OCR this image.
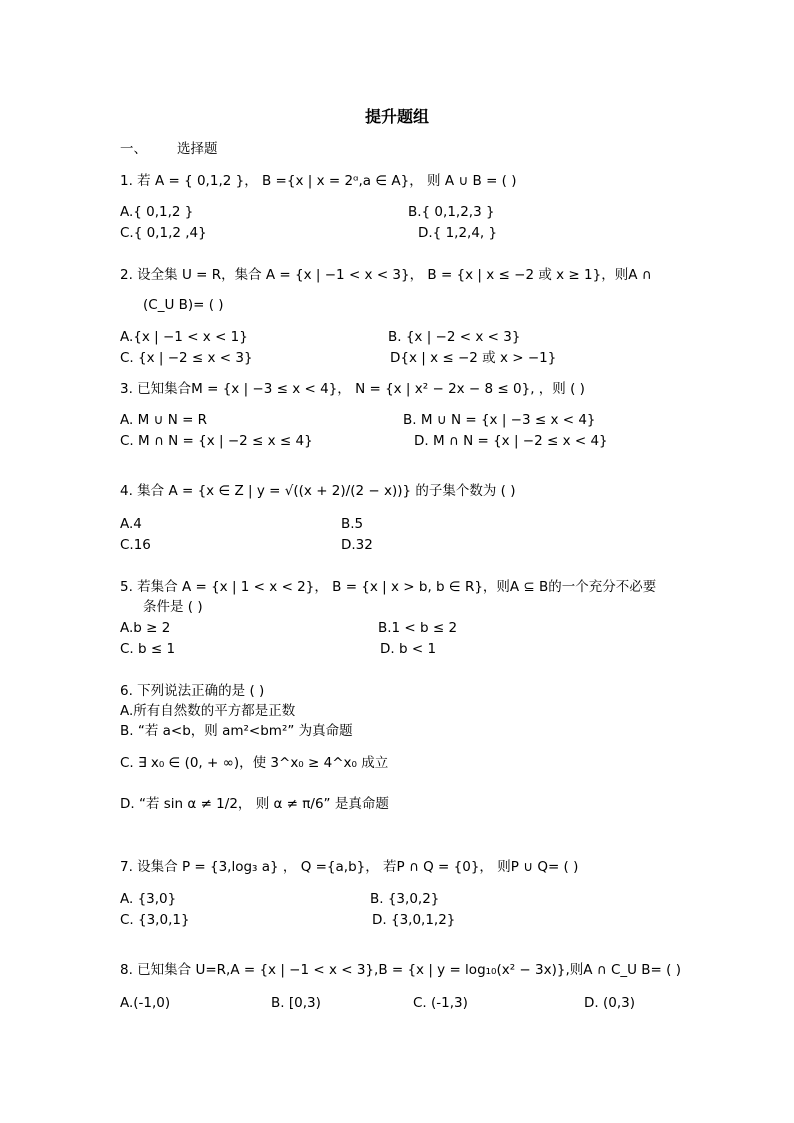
提升题组
一、 选择题
1. 若 A = { 0,1,2 }， B ={x | x = 2ᵅ,a ∈ A}， 则 A ∪ B = ( )
A.{ 0,1,2 }	B.{ 0,1,2,3 }
C.{ 0,1,2 ,4}	D.{ 1,2,4, }
2. 设全集 U = R，集合 A = {x | −1 < x < 3}， B = {x | x ≤ −2 或 x ≥ 1}，则A ∩
(C_U B)= ( )
A.{x | −1 < x < 1}	B. {x | −2 < x < 3}
C. {x | −2 ≤ x < 3}	D{x | x ≤ −2 或 x > −1}
3. 已知集合M = {x | −3 ≤ x < 4}， N = {x | x² − 2x − 8 ≤ 0}, ，则 ( )
A. M ∪ N = R	B. M ∪ N = {x | −3 ≤ x < 4}
C. M ∩ N = {x | −2 ≤ x ≤ 4}	D. M ∩ N = {x | −2 ≤ x < 4}
4. 集合 A = {x ∈ Z | y = √((x + 2)/(2 − x))} 的子集个数为 ( )
A.4	B.5
C.16	D.32
5. 若集合 A = {x | 1 < x < 2}， B = {x | x > b, b ∈ R}，则A ⊆ B的一个充分不必要
条件是 ( )
A.b ≥ 2	B.1 < b ≤ 2
C. b ≤ 1	D. b < 1
6. 下列说法正确的是 ( )
A.所有自然数的平方都是正数
B. “若 a<b，则 am²<bm²” 为真命题
C. ∃ x₀ ∈ (0, + ∞)，使 3^x₀ ≥ 4^x₀ 成立
D. “若 sin α ≠ 1/2， 则 α ≠ π/6” 是真命题
7. 设集合 P = {3,log₃ a} ， Q ={a,b}， 若P ∩ Q = {0}， 则P ∪ Q= ( )
A. {3,0}	B. {3,0,2}
C. {3,0,1}	D. {3,0,1,2}
8. 已知集合 U=R,A = {x | −1 < x < 3},B = {x | y = log₁₀(x² − 3x)},则A ∩ C_U B= ( )
A.(-1,0)	B. [0,3)	C. (-1,3)	D. (0,3)
